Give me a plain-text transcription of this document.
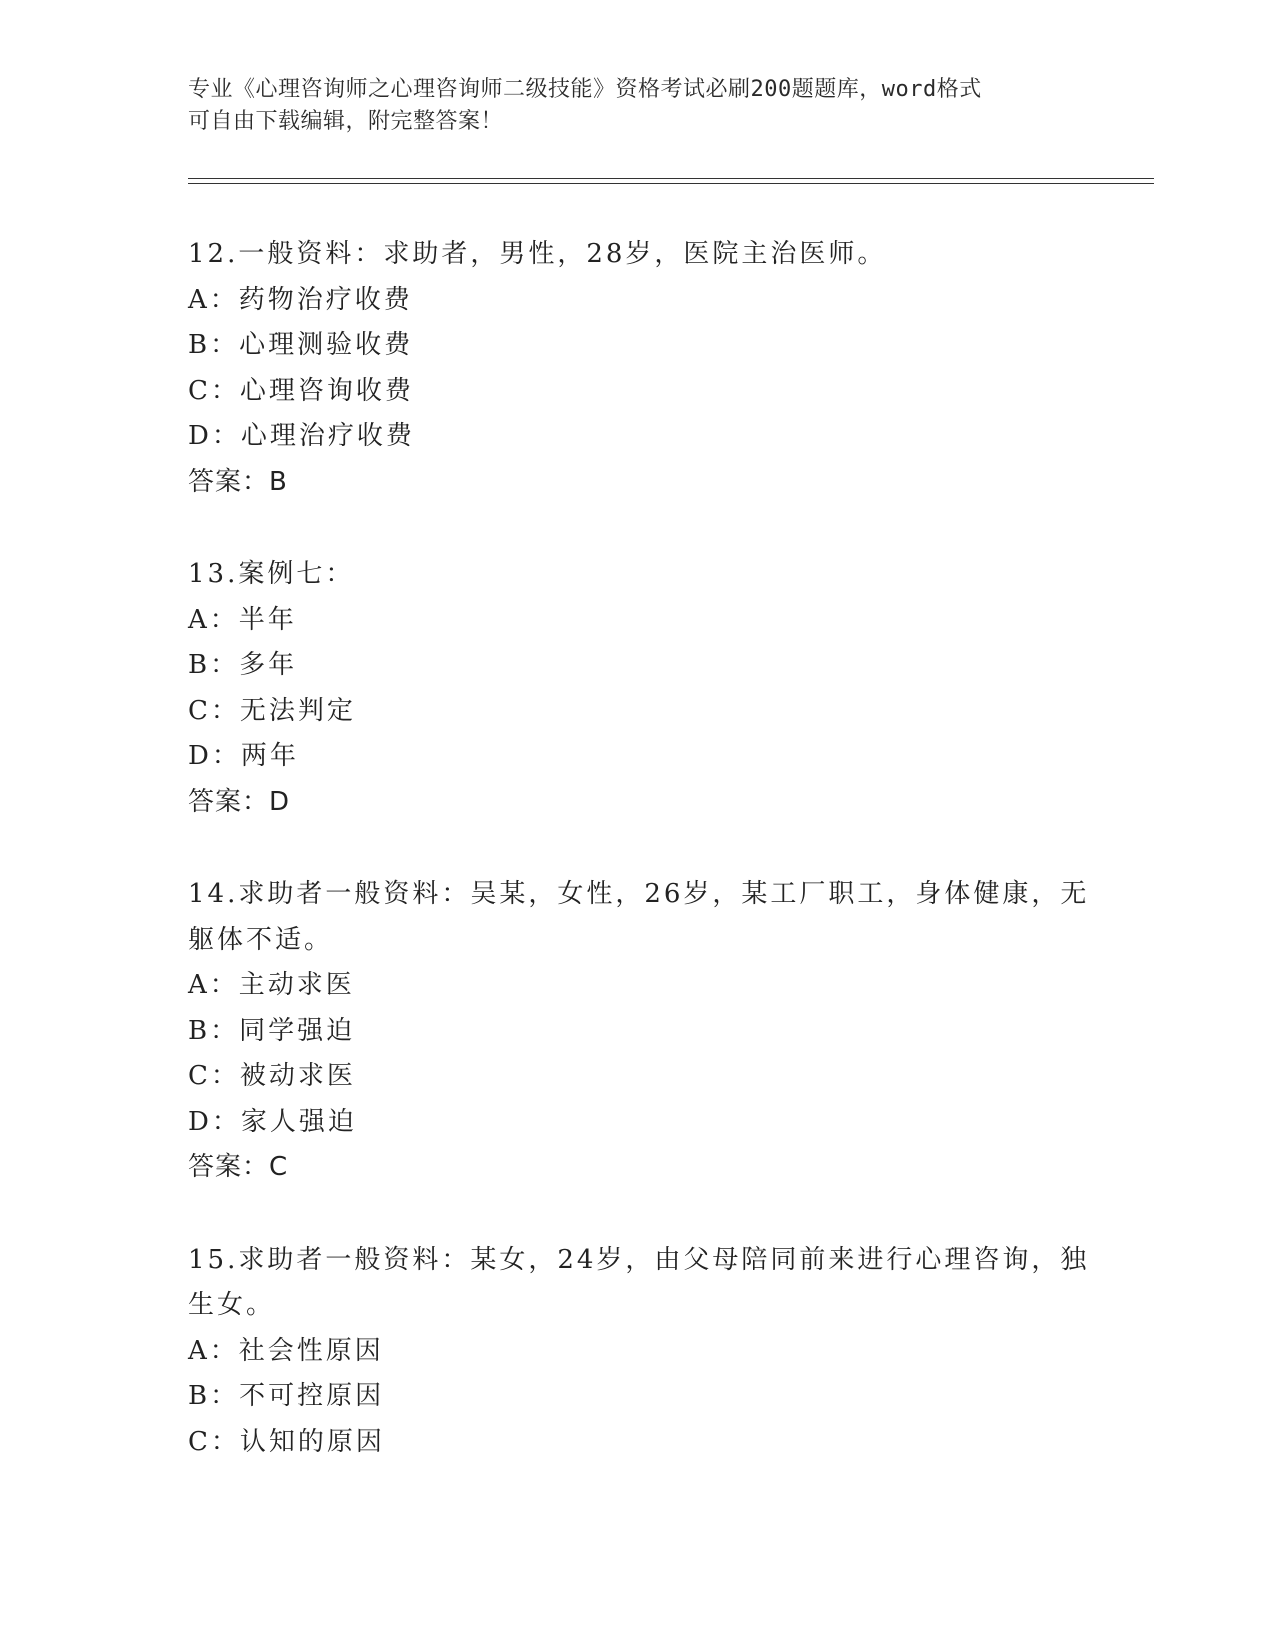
专业《心理咨询师之心理咨询师二级技能》资格考试必刷200题题库，word格式
可自由下载编辑，附完整答案！
12.一般资料：求助者，男性，28岁，医院主治医师。
A：药物治疗收费
B：心理测验收费
C：心理咨询收费
D：心理治疗收费
答案：B
13.案例七：
A：半年
B：多年
C：无法判定
D：两年
答案：D
14.求助者一般资料：吴某，女性，26岁，某工厂职工，身体健康，无
躯体不适。
A：主动求医
B：同学强迫
C：被动求医
D：家人强迫
答案：C
15.求助者一般资料：某女，24岁，由父母陪同前来进行心理咨询，独
生女。
A：社会性原因
B：不可控原因
C：认知的原因
